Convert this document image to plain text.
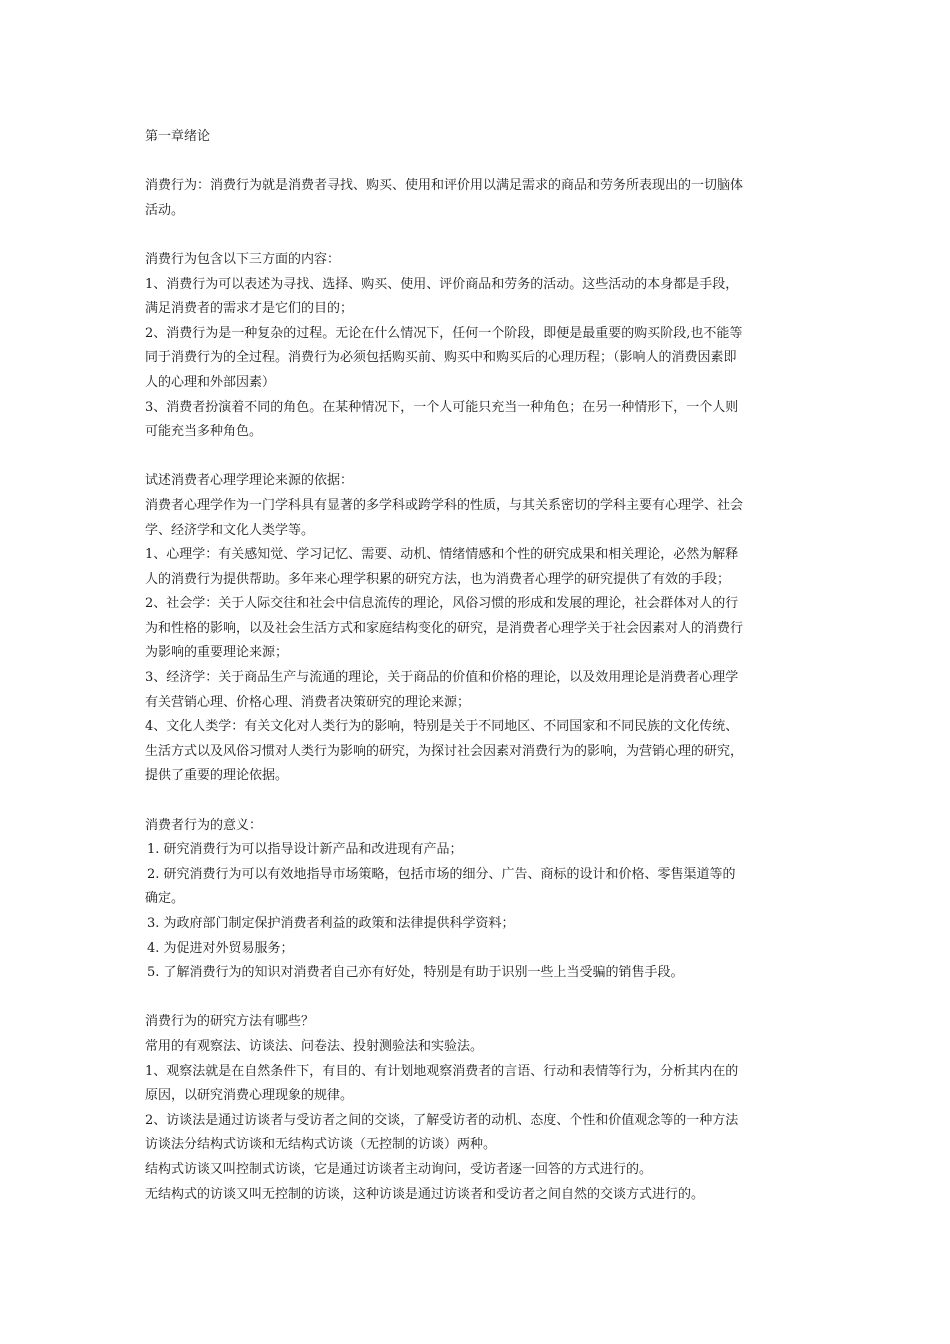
第一章绪论

消费行为：消费行为就是消费者寻找、购买、使用和评价用以满足需求的商品和劳务所表现出的一切脑体

活动。

消费行为包含以下三方面的内容：

1、消费行为可以表述为寻找、选择、购买、使用、评价商品和劳务的活动。这些活动的本身都是手段，

满足消费者的需求才是它们的目的；

2、消费行为是一种复杂的过程。无论在什么情况下，任何一个阶段，即便是最重要的购买阶段,也不能等

同于消费行为的全过程。消费行为必须包括购买前、购买中和购买后的心理历程；（影响人的消费因素即

人的心理和外部因素）

3、消费者扮演着不同的角色。在某种情况下，一个人可能只充当一种角色；在另一种情形下，一个人则

可能充当多种角色。

试述消费者心理学理论来源的依据：

消费者心理学作为一门学科具有显著的多学科或跨学科的性质，与其关系密切的学科主要有心理学、社会

学、经济学和文化人类学等。

1、心理学：有关感知觉、学习记忆、需要、动机、情绪情感和个性的研究成果和相关理论，必然为解释

人的消费行为提供帮助。多年来心理学积累的研究方法，也为消费者心理学的研究提供了有效的手段；

2、社会学：关于人际交往和社会中信息流传的理论，风俗习惯的形成和发展的理论，社会群体对人的行

为和性格的影响，以及社会生活方式和家庭结构变化的研究，是消费者心理学关于社会因素对人的消费行

为影响的重要理论来源；

3、经济学：关于商品生产与流通的理论，关于商品的价值和价格的理论，以及效用理论是消费者心理学

有关营销心理、价格心理、消费者决策研究的理论来源；

4、文化人类学：有关文化对人类行为的影响，特别是关于不同地区、不同国家和不同民族的文化传统、

生活方式以及风俗习惯对人类行为影响的研究，为探讨社会因素对消费行为的影响，为营销心理的研究，

提供了重要的理论依据。

消费者行为的意义：

1. 研究消费行为可以指导设计新产品和改进现有产品；

2. 研究消费行为可以有效地指导市场策略，包括市场的细分、广告、商标的设计和价格、零售渠道等的

确定。

3. 为政府部门制定保护消费者利益的政策和法律提供科学资料；

4. 为促进对外贸易服务；

5. 了解消费行为的知识对消费者自己亦有好处，特别是有助于识别一些上当受骗的销售手段。

消费行为的研究方法有哪些？

常用的有观察法、访谈法、问卷法、投射测验法和实验法。

1、观察法就是在自然条件下，有目的、有计划地观察消费者的言语、行动和表情等行为，分析其内在的

原因，以研究消费心理现象的规律。

2、访谈法是通过访谈者与受访者之间的交谈，了解受访者的动机、态度、个性和价值观念等的一种方法

访谈法分结构式访谈和无结构式访谈（无控制的访谈）两种。

结构式访谈又叫控制式访谈，它是通过访谈者主动询问，受访者逐一回答的方式进行的。

无结构式的访谈又叫无控制的访谈，这种访谈是通过访谈者和受访者之间自然的交谈方式进行的。
